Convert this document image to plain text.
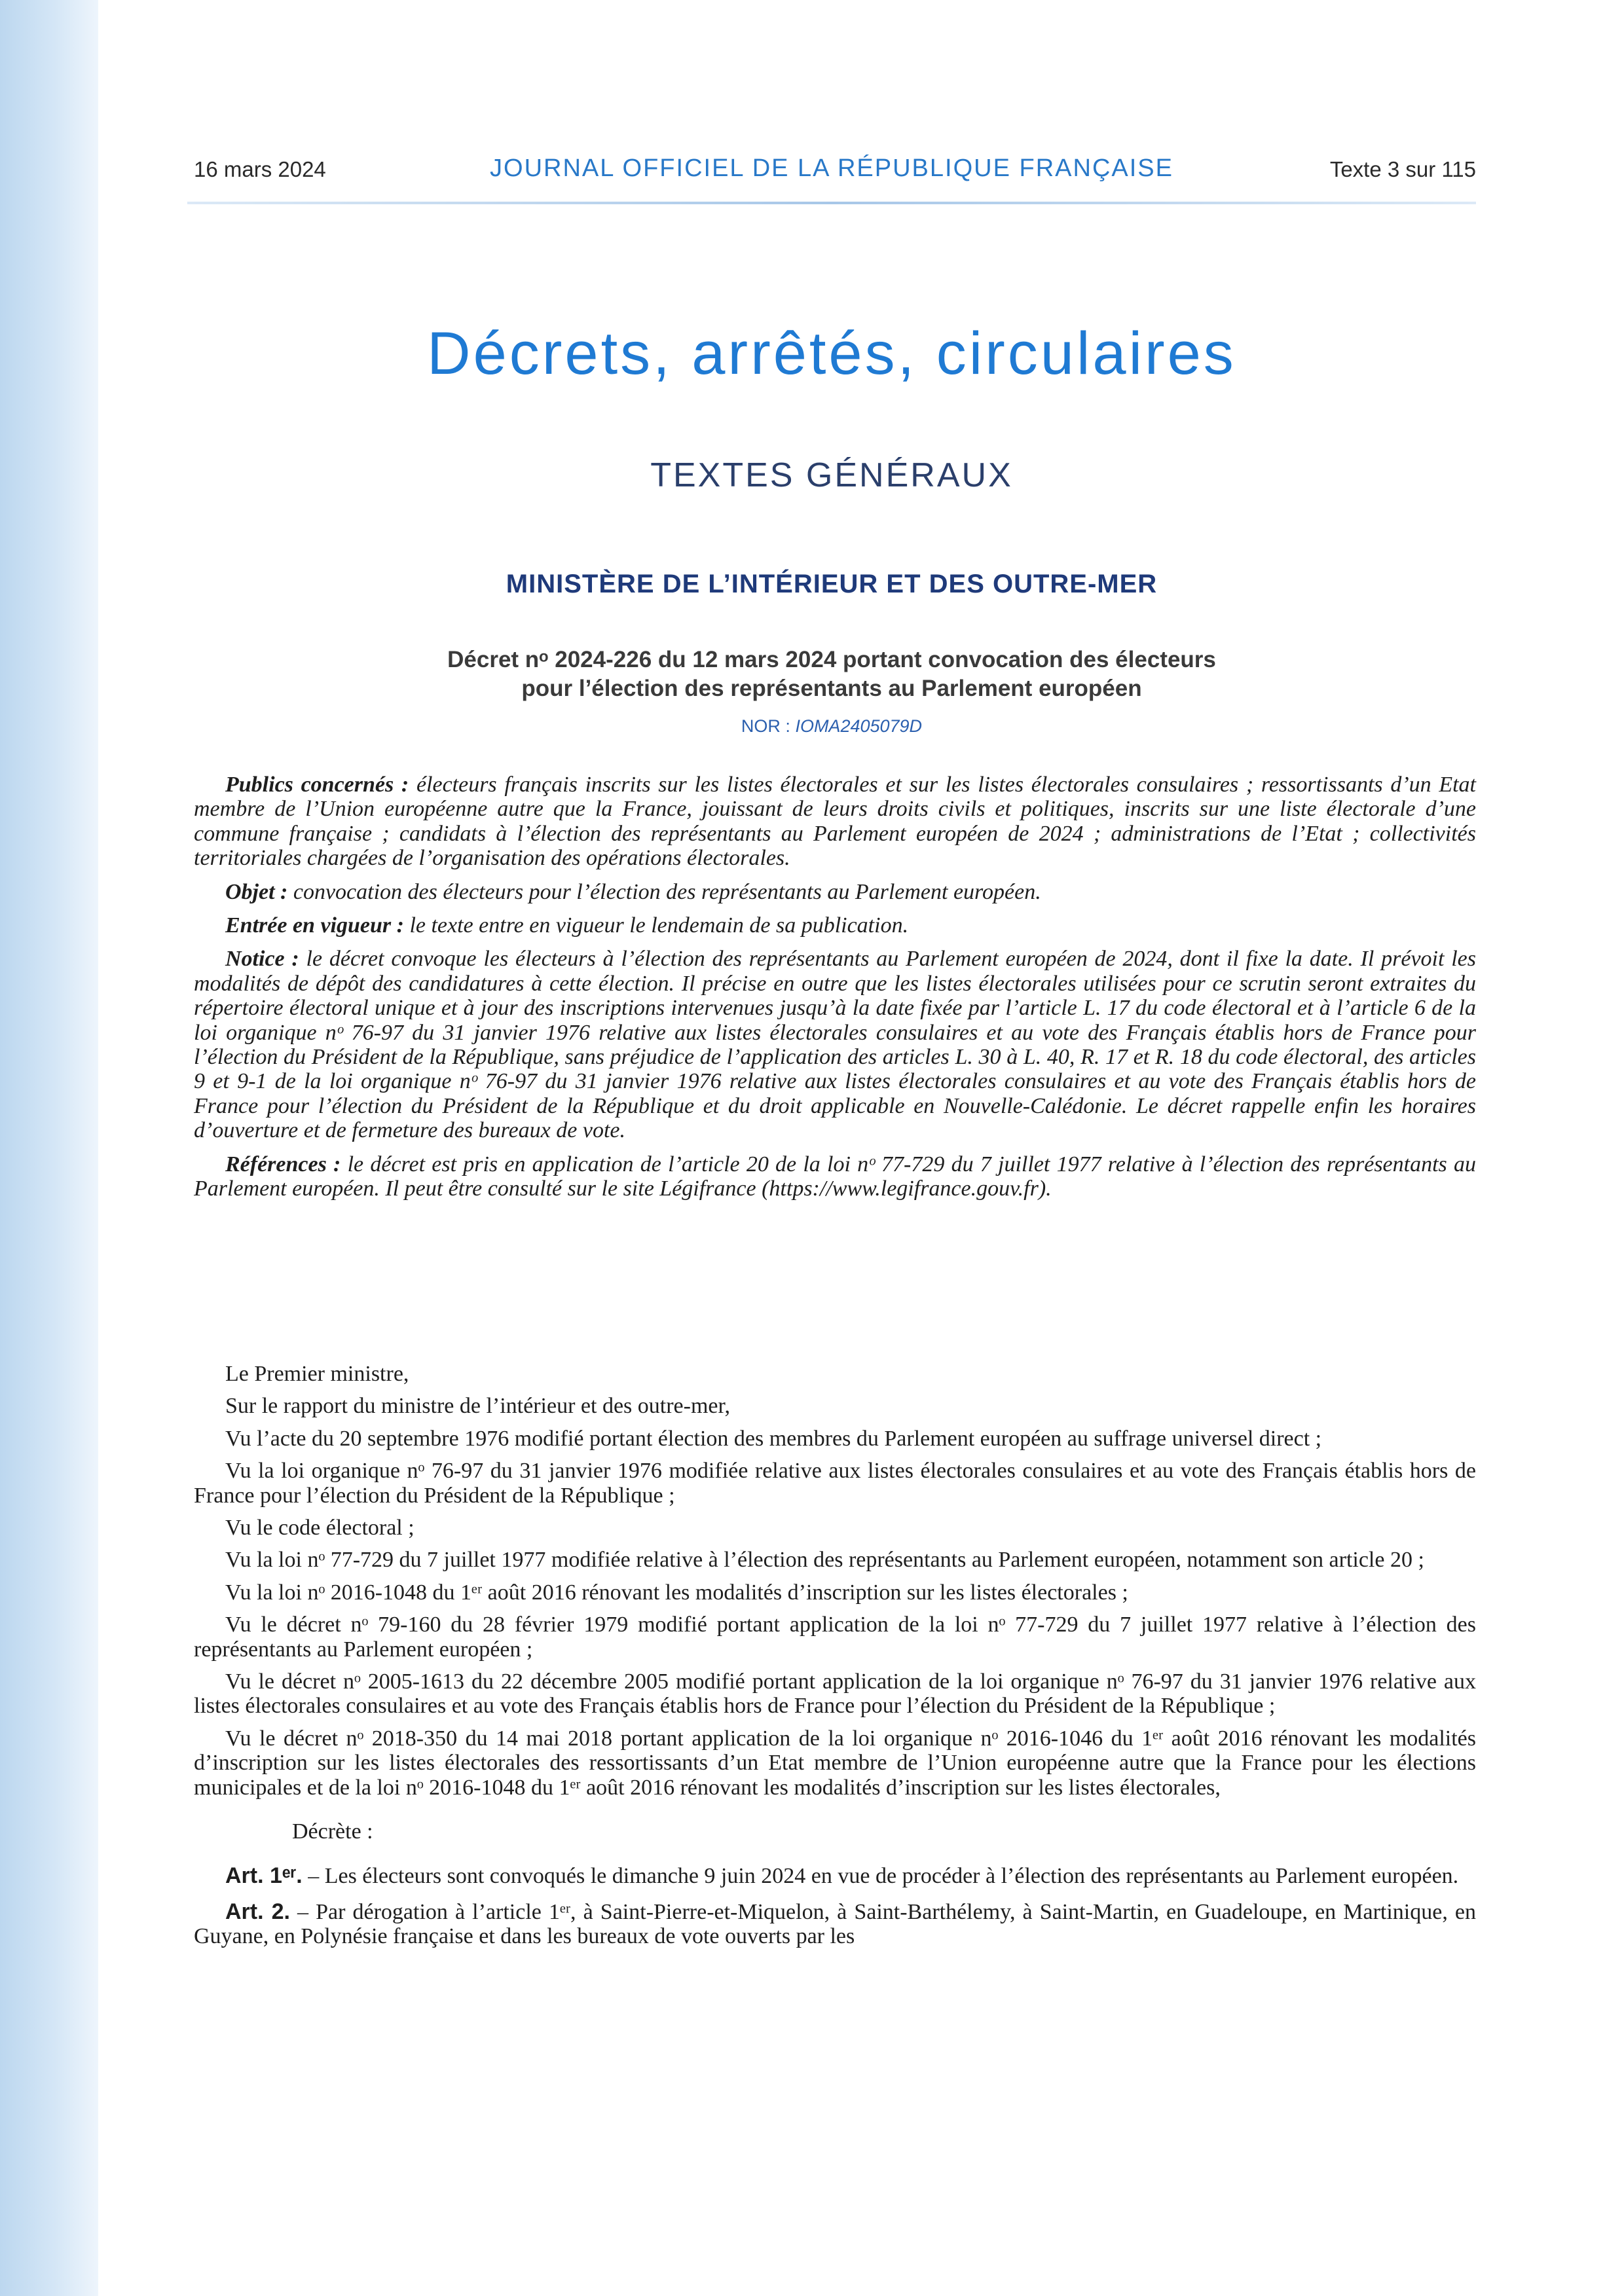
16 mars 2024	JOURNAL OFFICIEL DE LA RÉPUBLIQUE FRANÇAISE	Texte 3 sur 115
Décrets, arrêtés, circulaires
TEXTES GÉNÉRAUX
MINISTÈRE DE L’INTÉRIEUR ET DES OUTRE-MER
Décret nᵒ 2024-226 du 12 mars 2024 portant convocation des électeurs
pour l’élection des représentants au Parlement européen
NOR : IOMA2405079D

Publics concernés : électeurs français inscrits sur les listes électorales et sur les listes électorales consulaires ; ressortissants d’un Etat membre de l’Union européenne autre que la France, jouissant de leurs droits civils et politiques, inscrits sur une liste électorale d’une commune française ; candidats à l’élection des représentants au Parlement européen de 2024 ; administrations de l’Etat ; collectivités territoriales chargées de l’organisation des opérations électorales.

Objet : convocation des électeurs pour l’élection des représentants au Parlement européen.

Entrée en vigueur : le texte entre en vigueur le lendemain de sa publication.

Notice : le décret convoque les électeurs à l’élection des représentants au Parlement européen de 2024, dont il fixe la date. Il prévoit les modalités de dépôt des candidatures à cette élection. Il précise en outre que les listes électorales utilisées pour ce scrutin seront extraites du répertoire électoral unique et à jour des inscriptions intervenues jusqu’à la date fixée par l’article L. 17 du code électoral et à l’article 6 de la loi organique nᵒ 76-97 du 31 janvier 1976 relative aux listes électorales consulaires et au vote des Français établis hors de France pour l’élection du Président de la République, sans préjudice de l’application des articles L. 30 à L. 40, R. 17 et R. 18 du code électoral, des articles 9 et 9-1 de la loi organique nᵒ 76-97 du 31 janvier 1976 relative aux listes électorales consulaires et au vote des Français établis hors de France pour l’élection du Président de la République et du droit applicable en Nouvelle-Calédonie. Le décret rappelle enfin les horaires d’ouverture et de fermeture des bureaux de vote.

Références : le décret est pris en application de l’article 20 de la loi nᵒ 77-729 du 7 juillet 1977 relative à l’élection des représentants au Parlement européen. Il peut être consulté sur le site Légifrance (https://www.legifrance.gouv.fr).

Le Premier ministre,

Sur le rapport du ministre de l’intérieur et des outre-mer,

Vu l’acte du 20 septembre 1976 modifié portant élection des membres du Parlement européen au suffrage universel direct ;

Vu la loi organique nᵒ 76-97 du 31 janvier 1976 modifiée relative aux listes électorales consulaires et au vote des Français établis hors de France pour l’élection du Président de la République ;

Vu le code électoral ;

Vu la loi nᵒ 77-729 du 7 juillet 1977 modifiée relative à l’élection des représentants au Parlement européen, notamment son article 20 ;

Vu la loi nᵒ 2016-1048 du 1ᵉʳ août 2016 rénovant les modalités d’inscription sur les listes électorales ;

Vu le décret nᵒ 79-160 du 28 février 1979 modifié portant application de la loi nᵒ 77-729 du 7 juillet 1977 relative à l’élection des représentants au Parlement européen ;

Vu le décret nᵒ 2005-1613 du 22 décembre 2005 modifié portant application de la loi organique nᵒ 76-97 du 31 janvier 1976 relative aux listes électorales consulaires et au vote des Français établis hors de France pour l’élection du Président de la République ;

Vu le décret nᵒ 2018-350 du 14 mai 2018 portant application de la loi organique nᵒ 2016-1046 du 1ᵉʳ août 2016 rénovant les modalités d’inscription sur les listes électorales des ressortissants d’un Etat membre de l’Union européenne autre que la France pour les élections municipales et de la loi nᵒ 2016-1048 du 1ᵉʳ août 2016 rénovant les modalités d’inscription sur les listes électorales,

Décrète :

Art. 1ᵉʳ. – Les électeurs sont convoqués le dimanche 9 juin 2024 en vue de procéder à l’élection des représentants au Parlement européen.

Art. 2. – Par dérogation à l’article 1ᵉʳ, à Saint-Pierre-et-Miquelon, à Saint-Barthélemy, à Saint-Martin, en Guadeloupe, en Martinique, en Guyane, en Polynésie française et dans les bureaux de vote ouverts par les
